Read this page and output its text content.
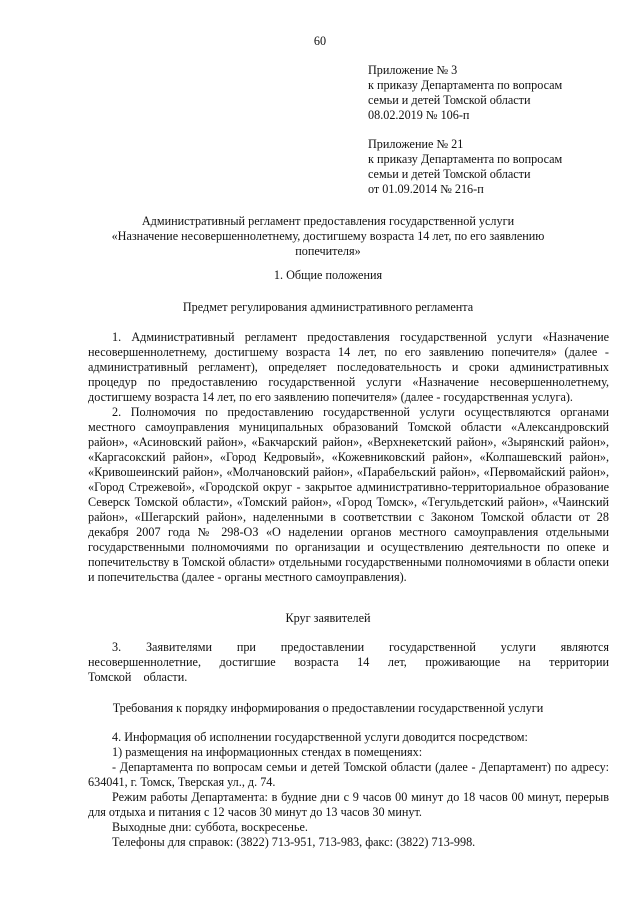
60
Приложение № 3
к приказу Департамента по вопросам
семьи и детей Томской области
08.02.2019 № 106-п
Приложение № 21
к приказу Департамента по вопросам
семьи и детей Томской области
от 01.09.2014 № 216-п
Административный регламент предоставления государственной услуги
«Назначение несовершеннолетнему, достигшему возраста 14 лет, по его заявлению
попечителя»
1. Общие положения
Предмет регулирования административного регламента

1. Административный регламент предоставления государственной услуги «Назначение несовершеннолетнему, достигшему возраста 14 лет, по его заявлению попечителя» (далее - административный регламент), определяет последовательность и сроки административных процедур по предоставлению государственной услуги «Назначение несовершеннолетнему, достигшему возраста 14 лет, по его заявлению попечителя» (далее - государственная услуга).

2. Полномочия по предоставлению государственной услуги осуществляются органами местного самоуправления муниципальных образований Томской области «Александровский район», «Асиновский район», «Бакчарский район», «Верхнекетский район», «Зырянский район», «Каргасокский район», «Город Кедровый», «Кожевниковский район», «Колпашевский район», «Кривошеинский район», «Молчановский район», «Парабельский район», «Первомайский район», «Город Стрежевой», «Городской округ - закрытое административно-территориальное образование Северск Томской области», «Томский район», «Город Томск», «Тегульдетский район», «Чаинский район», «Шегарский район», наделенными в соответствии с Законом Томской области от 28 декабря 2007 года № 298-ОЗ «О наделении органов местного самоуправления отдельными государственными полномочиями по организации и осуществлению деятельности по опеке и попечительству в Томской области» отдельными государственными полномочиями в области опеки и попечительства (далее - органы местного самоуправления).

Круг заявителей

3. Заявителями при предоставлении государственной услуги являются несовершеннолетние, достигшие возраста 14 лет, проживающие на территории Томской области.

Требования к порядку информирования о предоставлении государственной услуги

4. Информация об исполнении государственной услуги доводится посредством:

1) размещения на информационных стендах в помещениях:

- Департамента по вопросам семьи и детей Томской области (далее - Департамент) по адресу: 634041, г. Томск, Тверская ул., д. 74.

Режим работы Департамента: в будние дни с 9 часов 00 минут до 18 часов 00 минут, перерыв для отдыха и питания с 12 часов 30 минут до 13 часов 30 минут.

Выходные дни: суббота, воскресенье.

Телефоны для справок: (3822) 713-951, 713-983, факс: (3822) 713-998.
